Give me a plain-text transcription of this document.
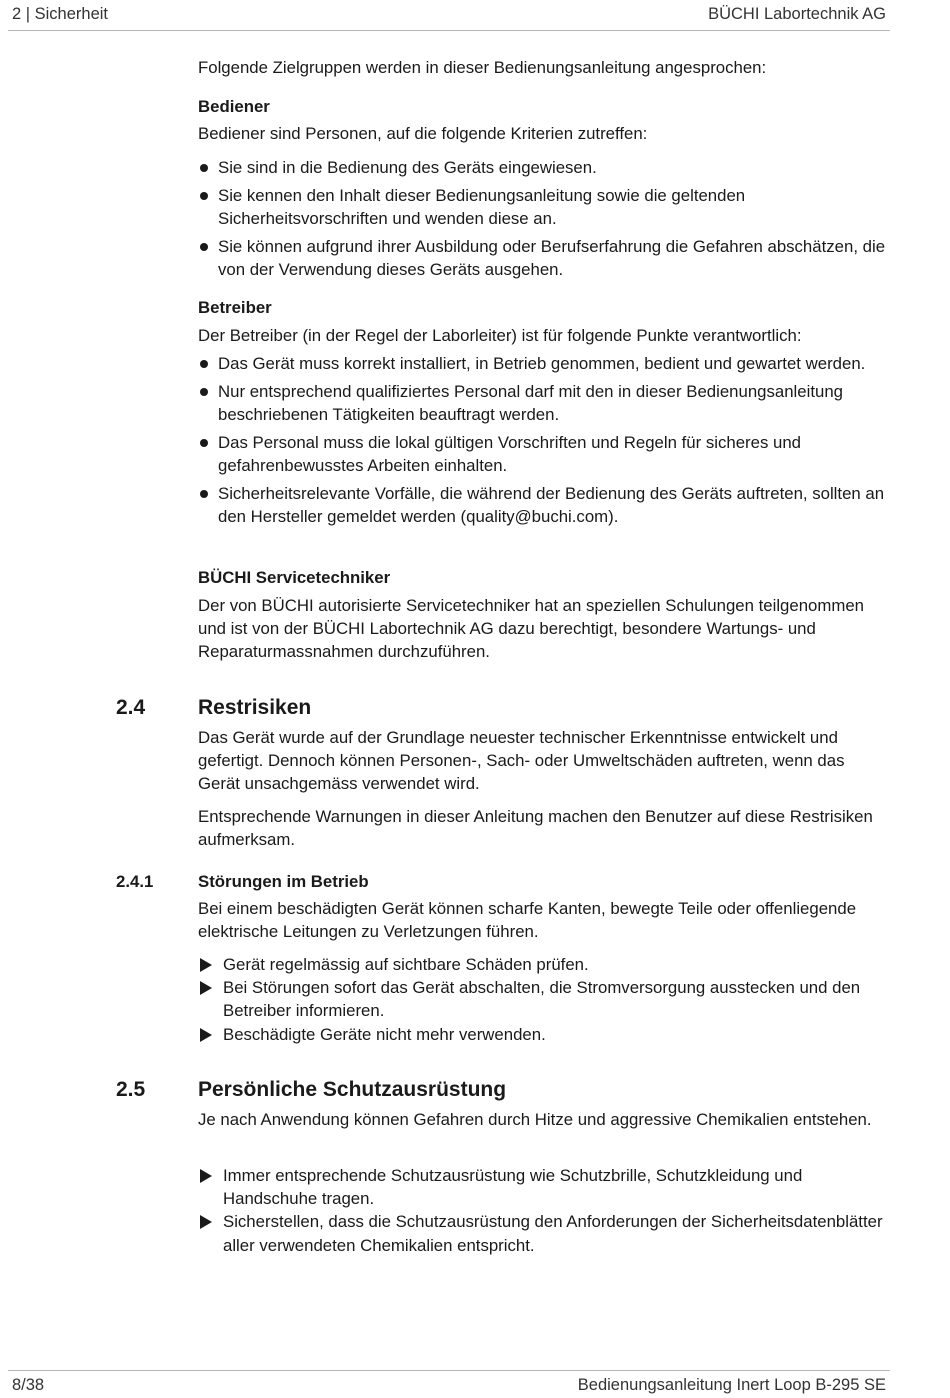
2 | Sicherheit	BÜCHI Labortechnik AG

Folgende Zielgruppen werden in dieser Bedienungsanleitung angesprochen:

Bediener

Bediener sind Personen, auf die folgende Kriterien zutreffen:

Sie sind in die Bedienung des Geräts eingewiesen.
Sie kennen den Inhalt dieser Bedienungsanleitung sowie die geltenden Sicherheitsvorschriften und wenden diese an.
Sie können aufgrund ihrer Ausbildung oder Berufserfahrung die Gefahren abschätzen, die von der Verwendung dieses Geräts ausgehen.
Betreiber

Der Betreiber (in der Regel der Laborleiter) ist für folgende Punkte verantwortlich:

Das Gerät muss korrekt installiert, in Betrieb genommen, bedient und gewartet werden.
Nur entsprechend qualifiziertes Personal darf mit den in dieser Bedienungsanleitung beschriebenen Tätigkeiten beauftragt werden.
Das Personal muss die lokal gültigen Vorschriften und Regeln für sicheres und gefahrenbewusstes Arbeiten einhalten.
Sicherheitsrelevante Vorfälle, die während der Bedienung des Geräts auftreten, sollten an den Hersteller gemeldet werden (quality@buchi.com).
BÜCHI Servicetechniker

Der von BÜCHI autorisierte Servicetechniker hat an speziellen Schulungen teilgenommen und ist von der BÜCHI Labortechnik AG dazu berechtigt, besondere Wartungs- und Reparaturmassnahmen durchzuführen.

Restrisiken

Das Gerät wurde auf der Grundlage neuester technischer Erkenntnisse entwickelt und gefertigt. Dennoch können Personen-, Sach- oder Umweltschäden auftreten, wenn das Gerät unsachgemäss verwendet wird.

Entsprechende Warnungen in dieser Anleitung machen den Benutzer auf diese Restrisiken aufmerksam.

Störungen im Betrieb

Bei einem beschädigten Gerät können scharfe Kanten, bewegte Teile oder offenliegende elektrische Leitungen zu Verletzungen führen.

Gerät regelmässig auf sichtbare Schäden prüfen.
Bei Störungen sofort das Gerät abschalten, die Stromversorgung ausstecken und den Betreiber informieren.
Beschädigte Geräte nicht mehr verwenden.
Persönliche Schutzausrüstung

Je nach Anwendung können Gefahren durch Hitze und aggressive Chemikalien entstehen.

Immer entsprechende Schutzausrüstung wie Schutzbrille, Schutzkleidung und Handschuhe tragen.
Sicherstellen, dass die Schutzausrüstung den Anforderungen der Sicherheitsdatenblätter aller verwendeten Chemikalien entspricht.
2.4
2.4.1
2.5
8/38	Bedienungsanleitung Inert Loop B-295 SE
